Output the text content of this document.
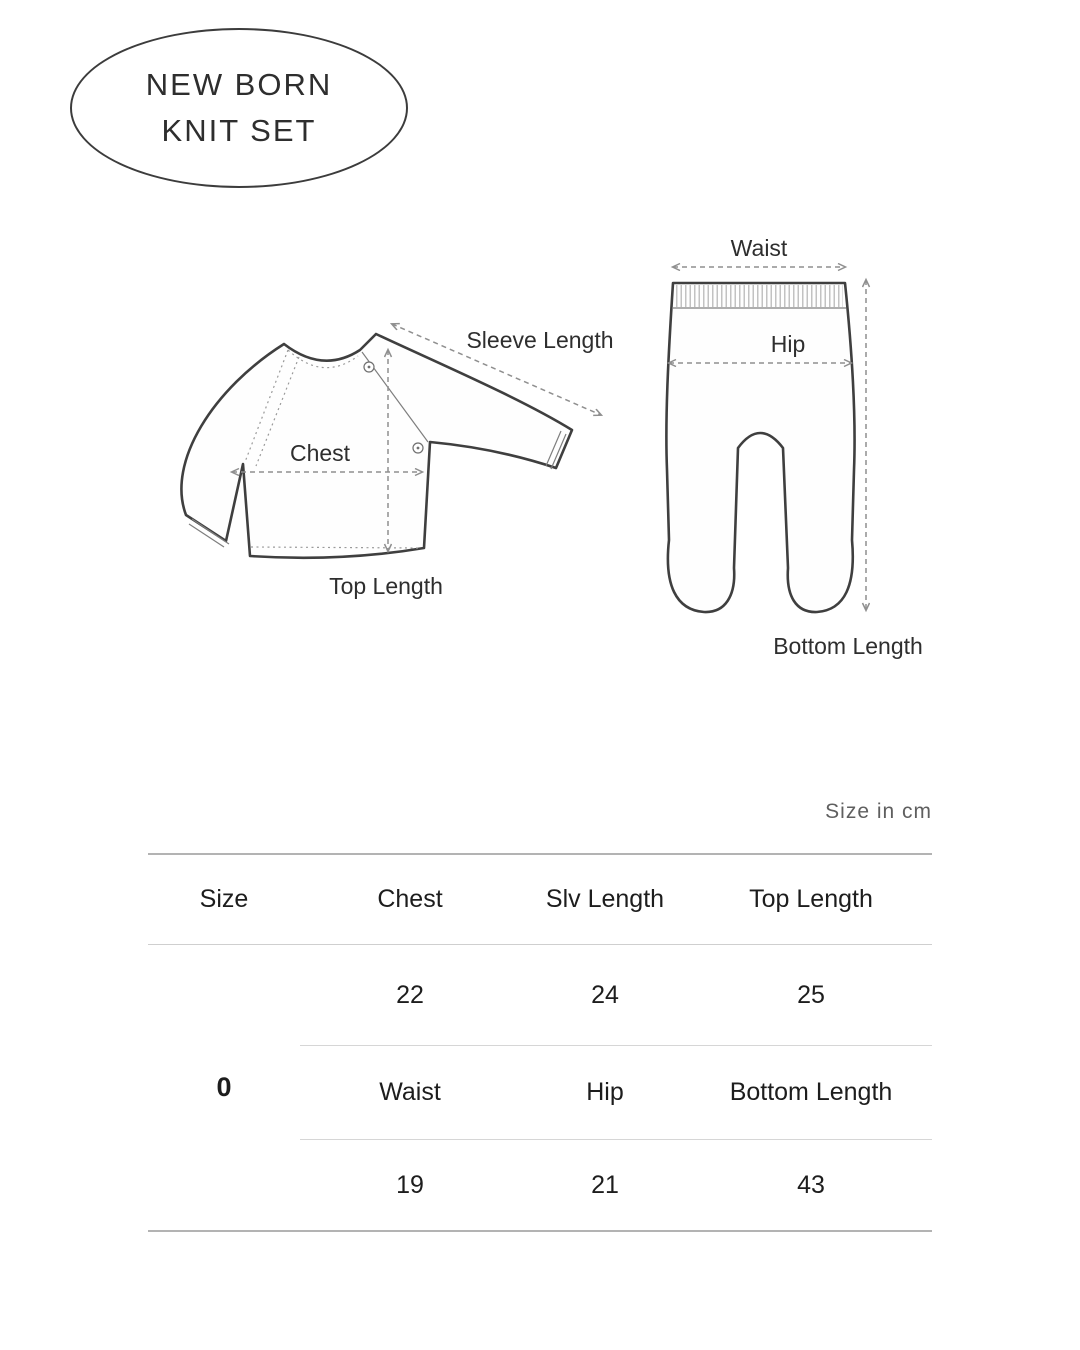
NEW BORN
KNIT SET
Chest
Top Length
Sleeve Length
Waist
Hip
Bottom Length
Size in cm
Size	Chest	Slv Length	Top Length
0
22	24	25
Waist	Hip	Bottom Length
19	21	43
